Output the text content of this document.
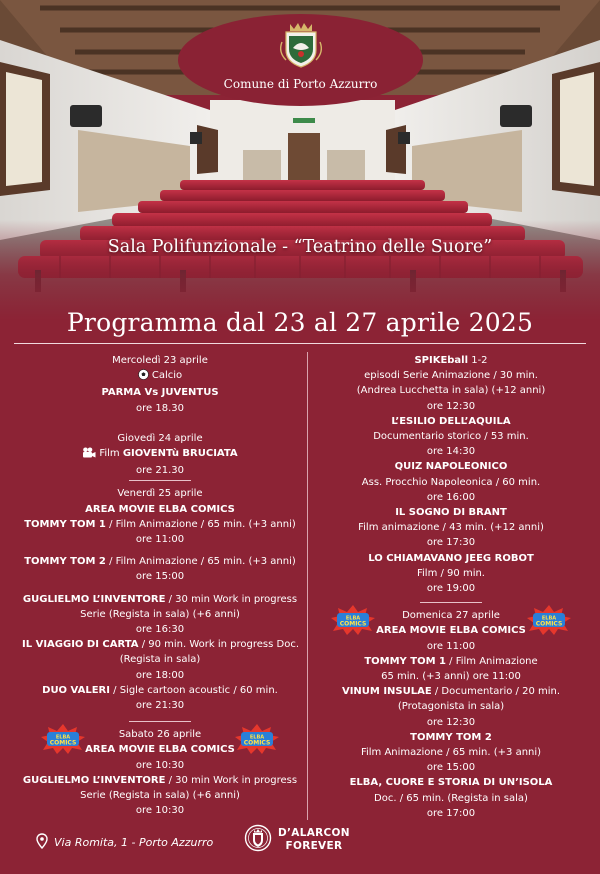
Comune di Porto Azzurro
Sala Polifunzionale - “Teatrino delle Suore”
Programma dal 23 al 27 aprile 2025
Mercoledì 23 aprile
Calcio
PARMA Vs JUVENTUS
ore 18.30
Giovedì 24 aprile
Film GIOVENTù BRUCIATA
ore 21.30
Venerdì 25 aprile
AREA MOVIE ELBA COMICS
TOMMY TOM 1 / Film Animazione / 65 min. (+3 anni)
ore 11:00
TOMMY TOM 2 / Film Animazione / 65 min. (+3 anni)
ore 15:00
GUGLIELMO L’INVENTORE / 30 min Work in progress
Serie (Regista in sala) (+6 anni)
ore 16:30
IL VIAGGIO DI CARTA / 90 min. Work in progress Doc.
(Regista in sala)
ore 18:00
DUO VALERI / Sigle cartoon acoustic / 60 min.
ore 21:30
ELBA
COMICS
ELBA
COMICS
Sabato 26 aprile
AREA MOVIE ELBA COMICS
ore 10:30
GUGLIELMO L’INVENTORE / 30 min Work in progress
Serie (Regista in sala) (+6 anni)
ore 10:30
SPIKEball 1-2
episodi Serie Animazione / 30 min.
(Andrea Lucchetta in sala) (+12 anni)
ore 12:30
L’ESILIO DELL’AQUILA
Documentario storico / 53 min.
ore 14:30
QUIZ NAPOLEONICO
Ass. Procchio Napoleonica / 60 min.
ore 16:00
IL SOGNO DI BRANT
Film animazione / 43 min. (+12 anni)
ore 17:30
LO CHIAMAVANO JEEG ROBOT
Film / 90 min.
ore 19:00
ELBA
COMICS
ELBA
COMICS
Domenica 27 aprile
AREA MOVIE ELBA COMICS
ore 11:00
TOMMY TOM 1 / Film Animazione
65 min. (+3 anni) ore 11:00
VINUM INSULAE / Documentario / 20 min.
(Protagonista in sala)
ore 12:30
TOMMY TOM 2
Film Animazione / 65 min. (+3 anni)
ore 15:00
ELBA, CUORE E STORIA DI UN’ISOLA
Doc. / 65 min. (Regista in sala)
ore 17:00
Via Romita, 1 - Porto Azzurro
D’ALARCON
FOREVER
